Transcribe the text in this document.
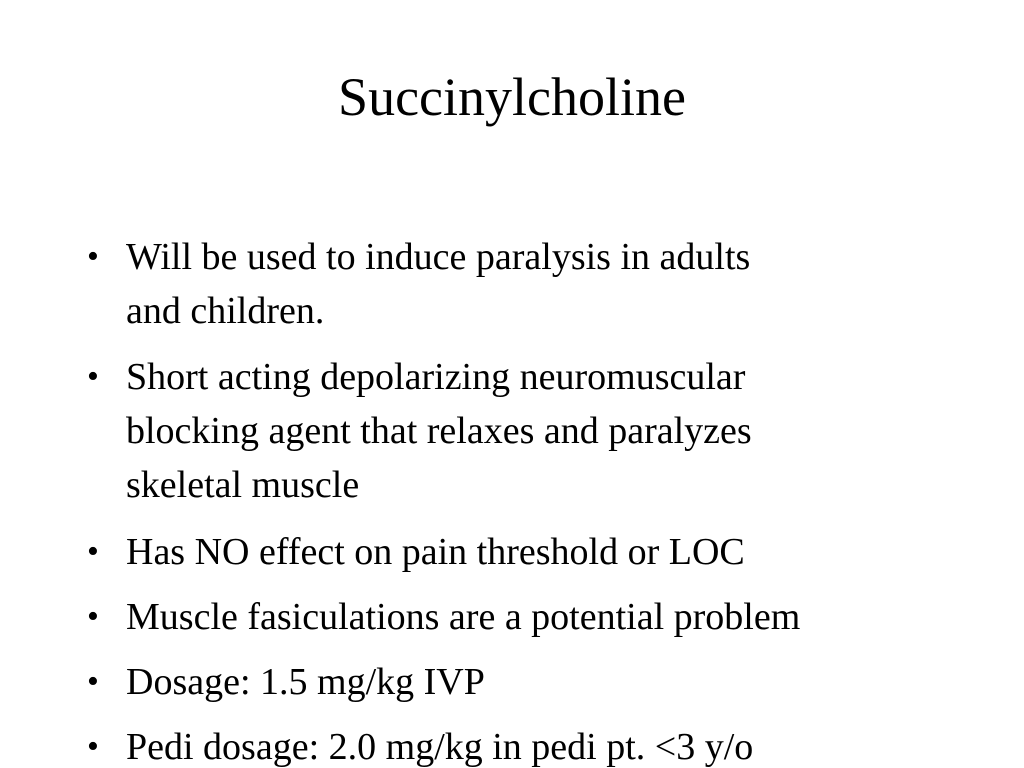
Succinylcholine
• Will be used to induce paralysis in adults
and children.
• Short acting depolarizing neuromuscular
blocking agent that relaxes and paralyzes
skeletal muscle
• Has NO effect on pain threshold or LOC
• Muscle fasiculations are a potential problem
• Dosage: 1.5 mg/kg IVP
• Pedi dosage: 2.0 mg/kg in pedi pt. <3 y/o
